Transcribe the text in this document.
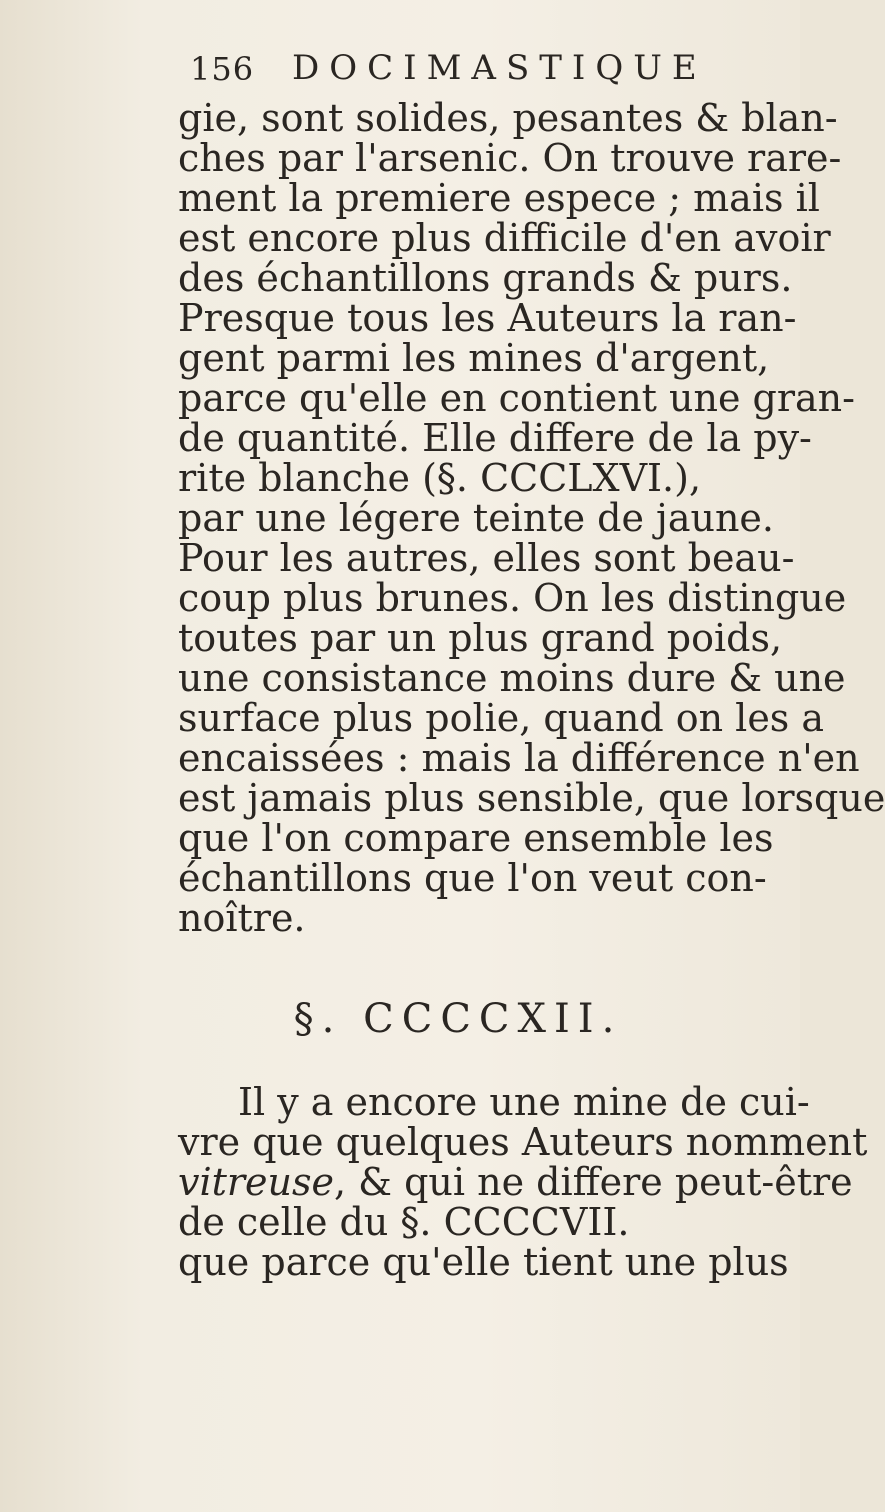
156 DOCIMASTIQUE
gie, sont solides, pesantes & blan-
ches par l'arsenic. On trouve rare-
ment la premiere espece ; mais il
est encore plus difficile d'en avoir
des échantillons grands & purs.
Presque tous les Auteurs la ran-
gent parmi les mines d'argent,
parce qu'elle en contient une gran-
de quantité. Elle differe de la py-
rite blanche (§. CCCLXVI.),
par une légere teinte de jaune.
Pour les autres, elles sont beau-
coup plus brunes. On les distingue
toutes par un plus grand poids,
une consistance moins dure & une
surface plus polie, quand on les a
encaissées : mais la différence n'en
est jamais plus sensible, que lorsque
que l'on compare ensemble les
échantillons que l'on veut con-
noître.
§. CCCCXII.
Il y a encore une mine de cui-
vre que quelques Auteurs nomment
vitreuse, & qui ne differe peut-être
de celle du §. CCCCVII.
que parce qu'elle tient une plus
